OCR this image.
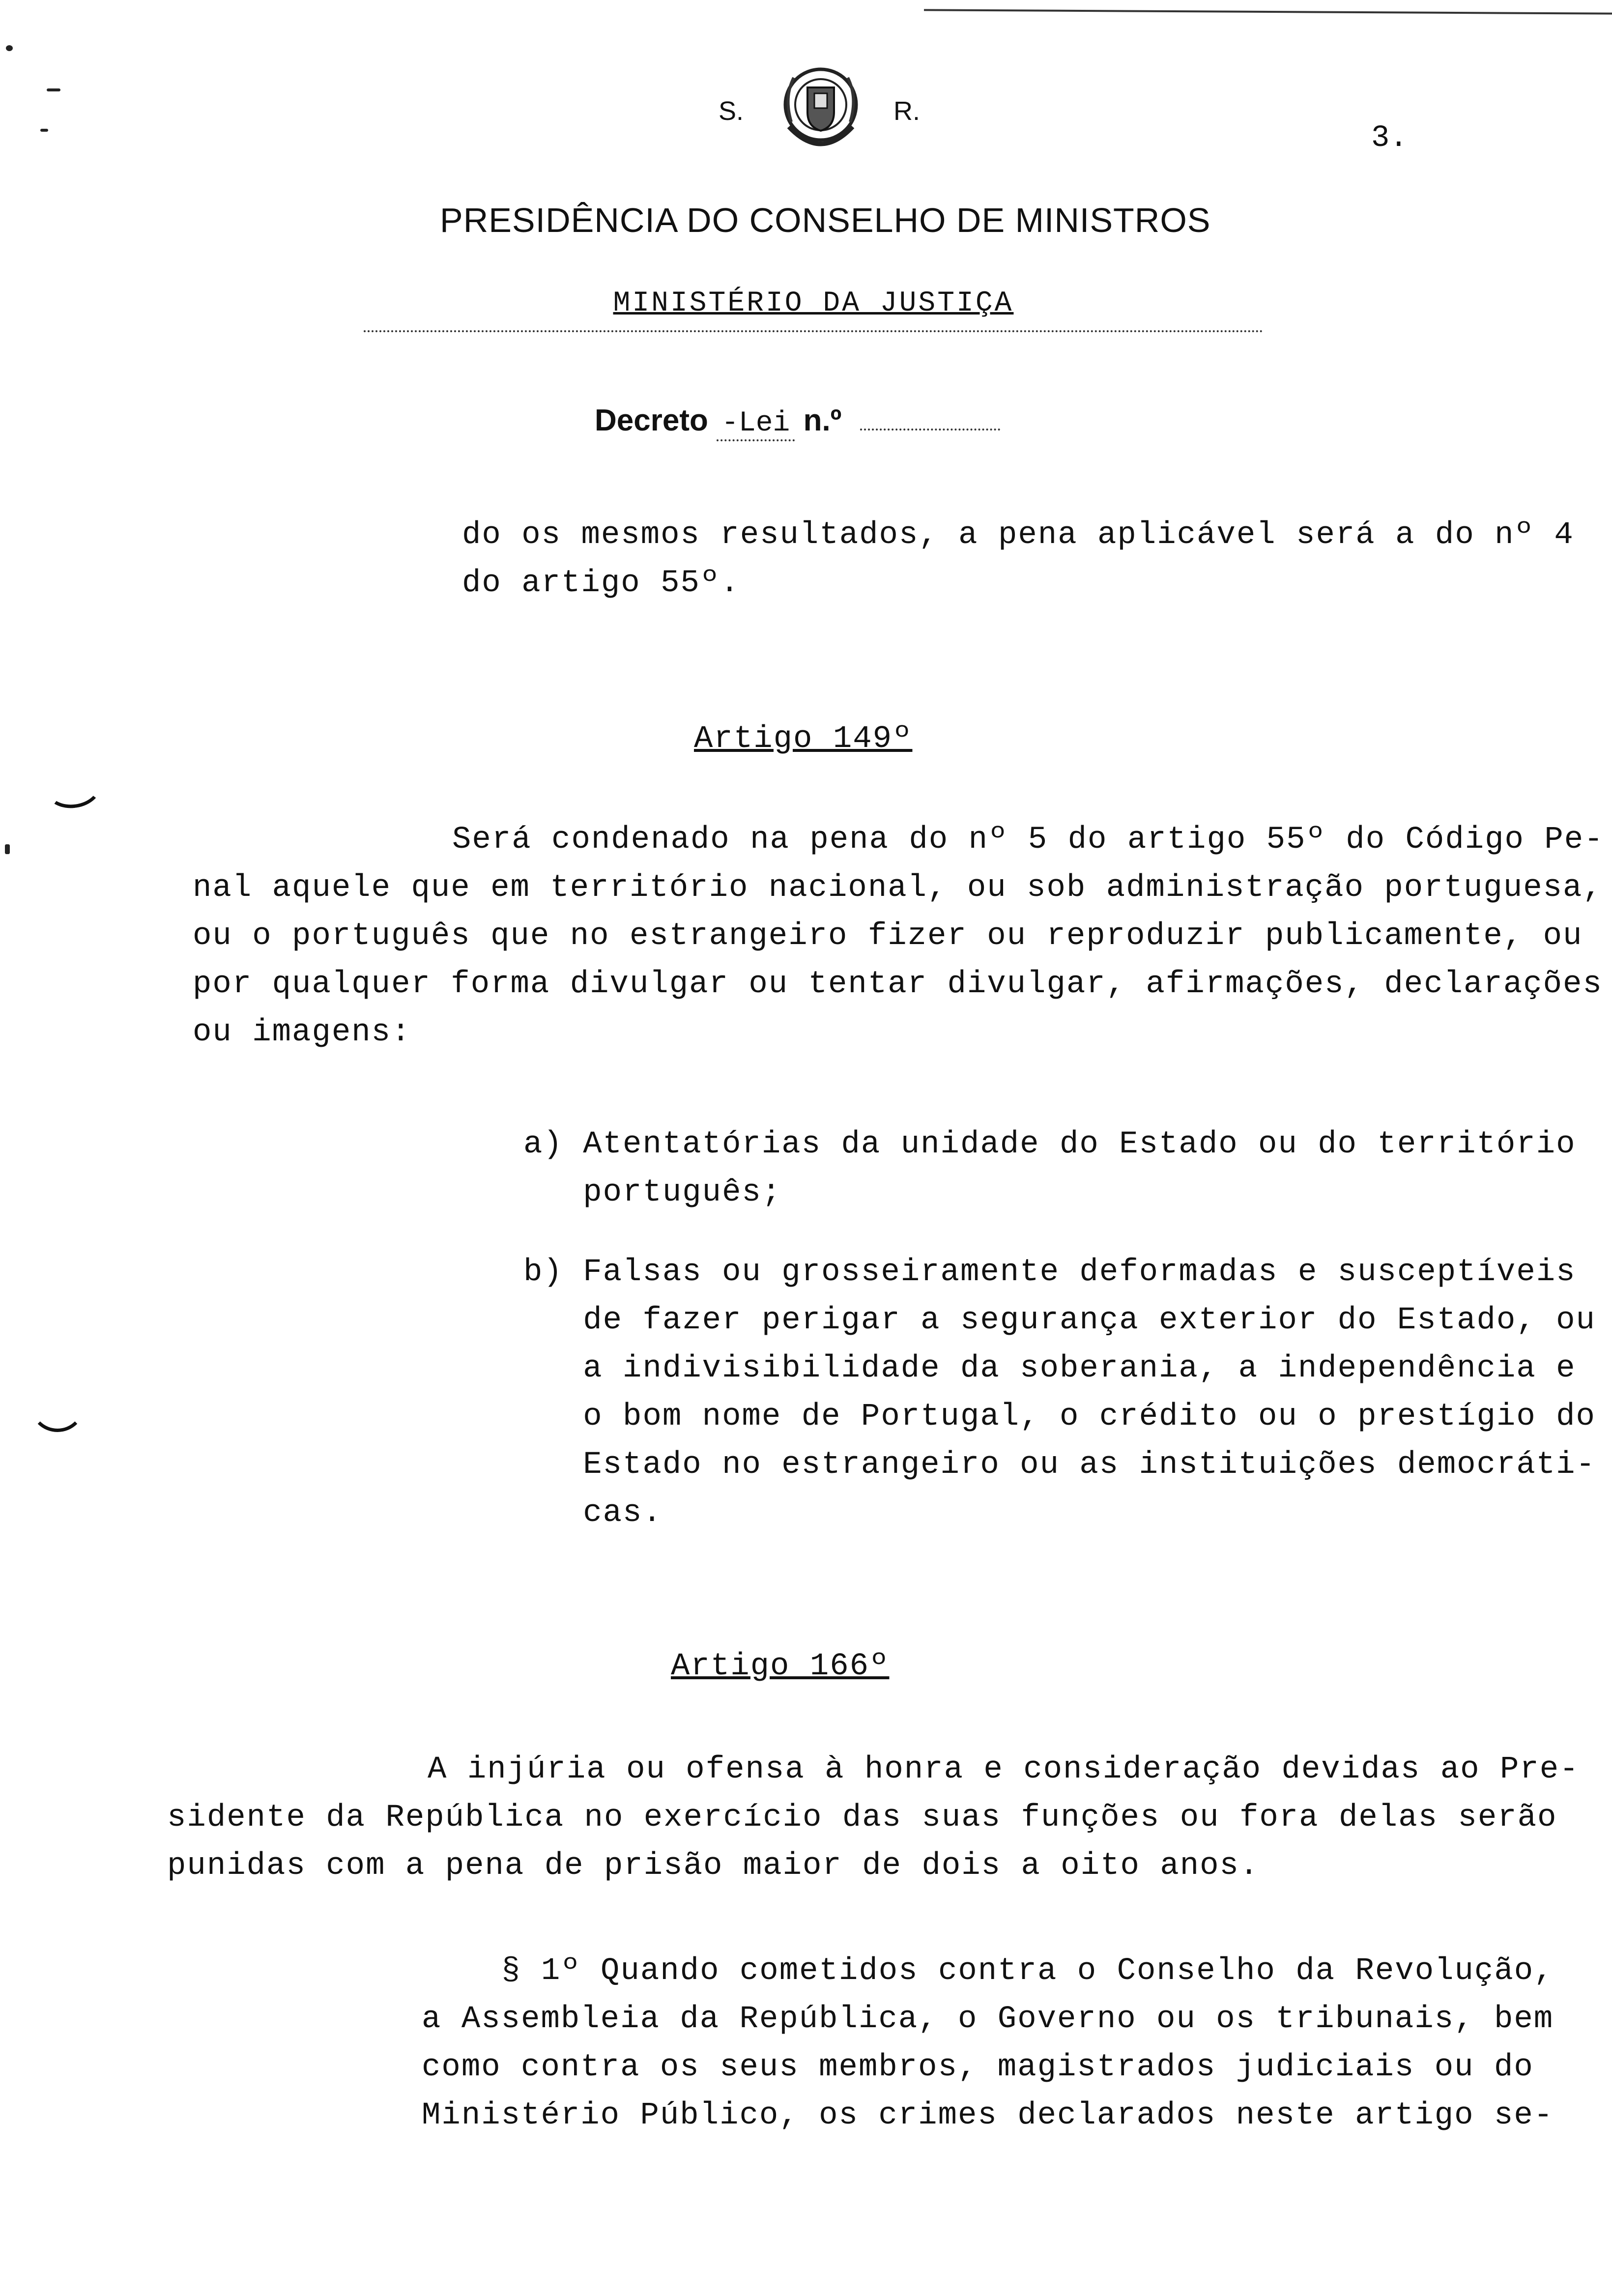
S.	R.
3.
PRESIDÊNCIA DO CONSELHO DE MINISTROS
MINISTÉRIO DA JUSTIÇA
Decreto -Lei n.º
do os mesmos resultados, a pena aplicável será a do nº 4
do artigo 55º.
Artigo 149º
Será condenado na pena do nº 5 do artigo 55º do Código Pe-
nal aquele que em território nacional, ou sob administração portuguesa,
ou o português que no estrangeiro fizer ou reproduzir publicamente, ou
por qualquer forma divulgar ou tentar divulgar, afirmações, declarações
ou imagens:
a) Atentatórias da unidade do Estado ou do território
português;
b) Falsas ou grosseiramente deformadas e susceptíveis
de fazer perigar a segurança exterior do Estado, ou
a indivisibilidade da soberania, a independência e
o bom nome de Portugal, o crédito ou o prestígio do
Estado no estrangeiro ou as instituições democráti-
cas.
Artigo 166º
A injúria ou ofensa à honra e consideração devidas ao Pre-
sidente da República no exercício das suas funções ou fora delas serão
punidas com a pena de prisão maior de dois a oito anos.
§ 1º Quando cometidos contra o Conselho da Revolução,
a Assembleia da República, o Governo ou os tribunais, bem
como contra os seus membros, magistrados judiciais ou do
Ministério Público, os crimes declarados neste artigo se-
